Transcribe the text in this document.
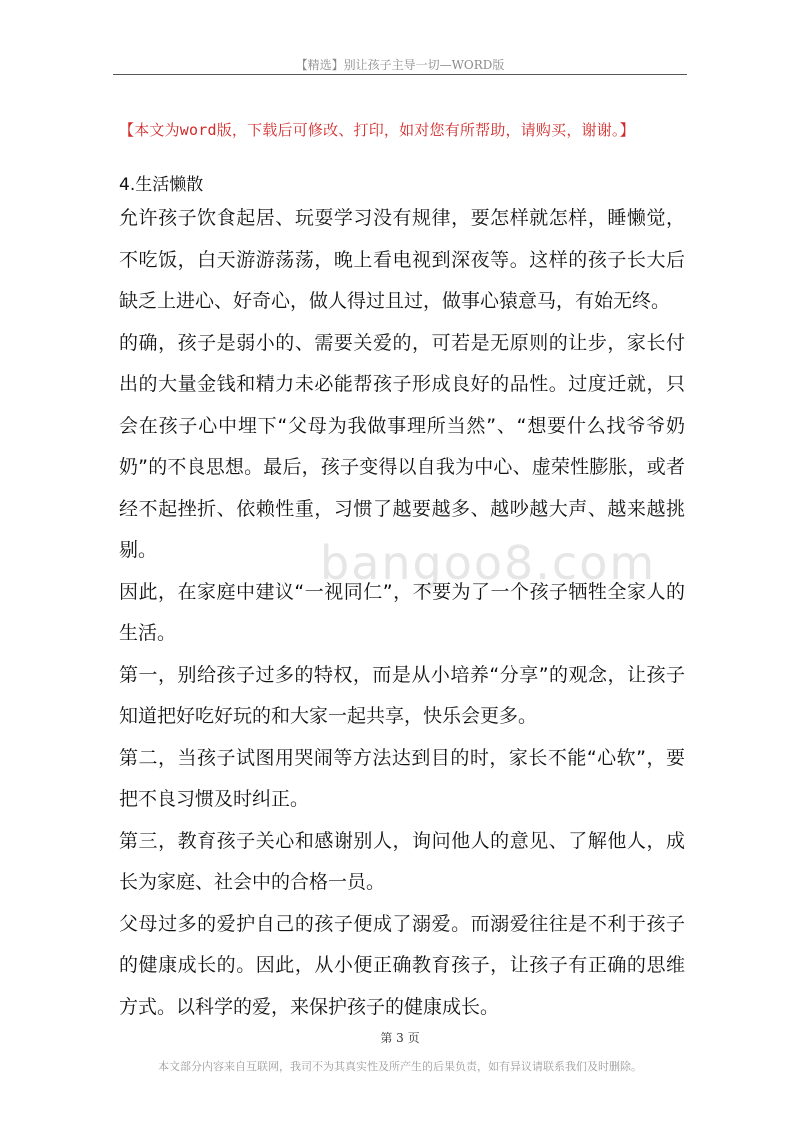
【精选】别让孩子主导一切—WORD版
【本文为word版，下载后可修改、打印，如对您有所帮助，请购买，谢谢。】
4.生活懒散
bangoo8.com

允许孩子饮食起居、玩耍学习没有规律，要怎样就怎样，睡懒觉，不吃饭，白天游游荡荡，晚上看电视到深夜等。这样的孩子长大后缺乏上进心、好奇心，做人得过且过，做事心猿意马，有始无终。

的确，孩子是弱小的、需要关爱的，可若是无原则的让步，家长付出的大量金钱和精力未必能帮孩子形成良好的品性。过度迁就，只会在孩子心中埋下“父母为我做事理所当然”、“想要什么找爷爷奶奶”的不良思想。最后，孩子变得以自我为中心、虚荣性膨胀，或者经不起挫折、依赖性重，习惯了越要越多、越吵越大声、越来越挑剔。

因此，在家庭中建议“一视同仁”，不要为了一个孩子牺牲全家人的生活。

第一，别给孩子过多的特权，而是从小培养“分享”的观念，让孩子知道把好吃好玩的和大家一起共享，快乐会更多。

第二，当孩子试图用哭闹等方法达到目的时，家长不能“心软”，要把不良习惯及时纠正。

第三，教育孩子关心和感谢别人，询问他人的意见、了解他人，成长为家庭、社会中的合格一员。

父母过多的爱护自己的孩子便成了溺爱。而溺爱往往是不利于孩子的健康成长的。因此，从小便正确教育孩子，让孩子有正确的思维方式。以科学的爱，来保护孩子的健康成长。

第 3 页
本文部分内容来自互联网，我司不为其真实性及所产生的后果负责，如有异议请联系我们及时删除。
